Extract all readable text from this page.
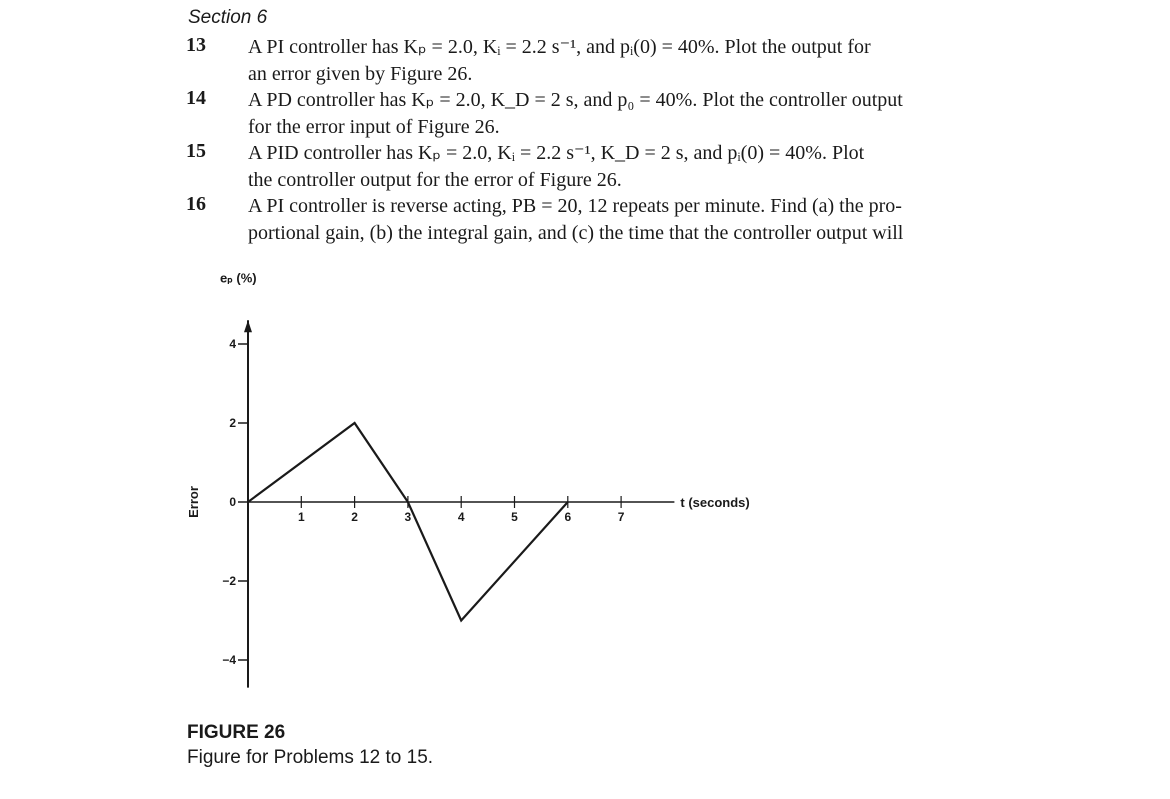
Section 6
13 A PI controller has Kₚ = 2.0, Kᵢ = 2.2 s⁻¹, and pᵢ(0) = 40%. Plot the output for
an error given by Figure 26.
14 A PD controller has Kₚ = 2.0, K_D = 2 s, and p₀ = 40%. Plot the controller output
for the error input of Figure 26.
15 A PID controller has Kₚ = 2.0, Kᵢ = 2.2 s⁻¹, K_D = 2 s, and pᵢ(0) = 40%. Plot
the controller output for the error of Figure 26.
16 A PI controller is reverse acting, PB = 20, 12 repeats per minute. Find (a) the pro-
portional gain, (b) the integral gain, and (c) the time that the controller output will
4
2
0
−2
−4
1	2	3	4	5	6	7
eₚ (%)
t (seconds)
Error
FIGURE 26
Figure for Problems 12 to 15.
